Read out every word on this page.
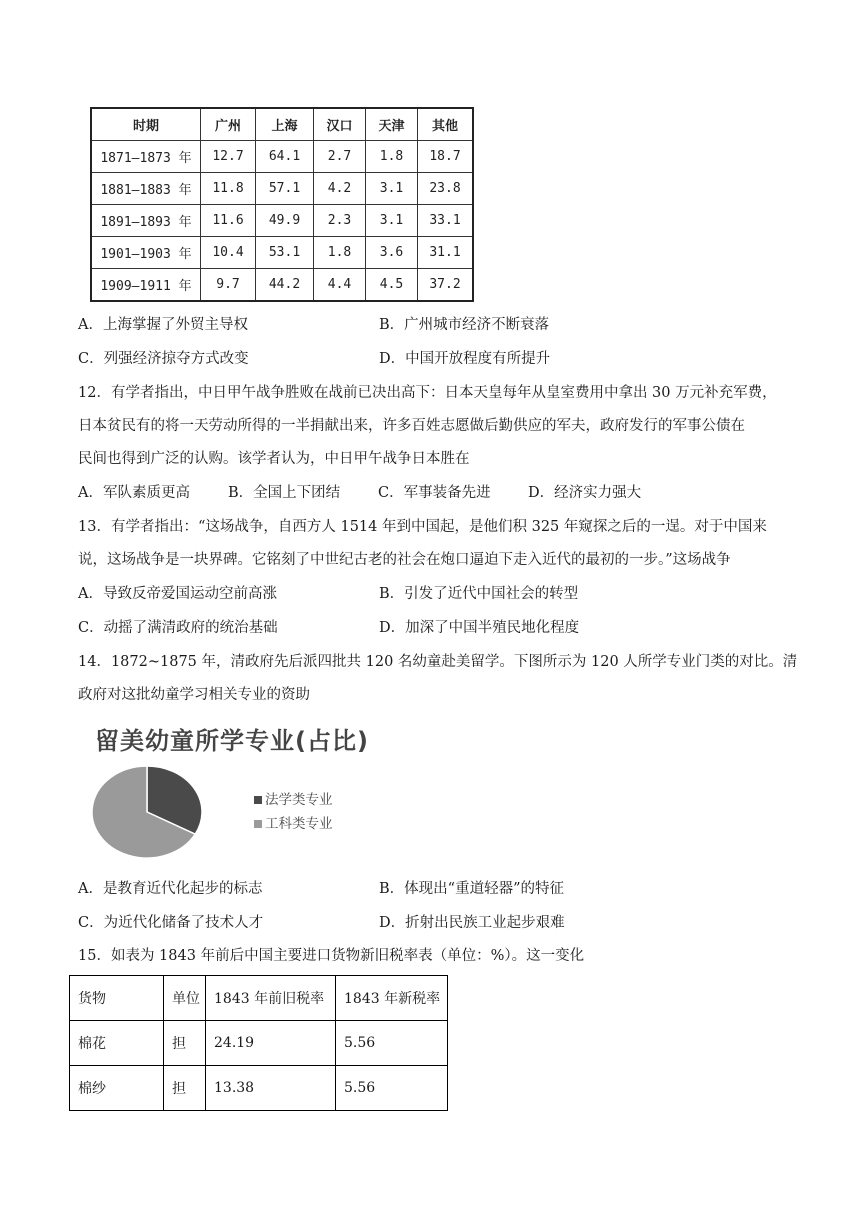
时期	广州	上海	汉口	天津	其他
1871—1873 年	12.7	64.1	2.7	1.8	18.7
1881—1883 年	11.8	57.1	4.2	3.1	23.8
1891—1893 年	11.6	49.9	2.3	3.1	33.1
1901—1903 年	10.4	53.1	1.8	3.6	31.1
1909—1911 年	9.7	44.2	4.4	4.5	37.2
A．上海掌握了外贸主导权	B．广州城市经济不断衰落
C．列强经济掠夺方式改变	D．中国开放程度有所提升
12．有学者指出，中日甲午战争胜败在战前已决出高下：日本天皇每年从皇室费用中拿出 30 万元补充军费，
日本贫民有的将一天劳动所得的一半捐献出来，许多百姓志愿做后勤供应的军夫，政府发行的军事公债在
民间也得到广泛的认购。该学者认为，中日甲午战争日本胜在
A．军队素质更高	B．全国上下团结	C．军事装备先进	D．经济实力强大
13．有学者指出：“这场战争，自西方人 1514 年到中国起，是他们积 325 年窥探之后的一逞。对于中国来
说，这场战争是一块界碑。它铭刻了中世纪古老的社会在炮口逼迫下走入近代的最初的一步。”这场战争
A．导致反帝爱国运动空前高涨	B．引发了近代中国社会的转型
C．动摇了满清政府的统治基础	D．加深了中国半殖民地化程度
14．1872~1875 年，清政府先后派四批共 120 名幼童赴美留学。下图所示为 120 人所学专业门类的对比。清
政府对这批幼童学习相关专业的资助
留美幼童所学专业(占比)
法学类专业
工科类专业
A．是教育近代化起步的标志	B．体现出“重道轻器”的特征
C．为近代化储备了技术人才	D．折射出民族工业起步艰难
15．如表为 1843 年前后中国主要进口货物新旧税率表（单位：%）。这一变化
货物	单位	1843 年前旧税率	1843 年新税率
棉花	担	24.19	5.56
棉纱	担	13.38	5.56
